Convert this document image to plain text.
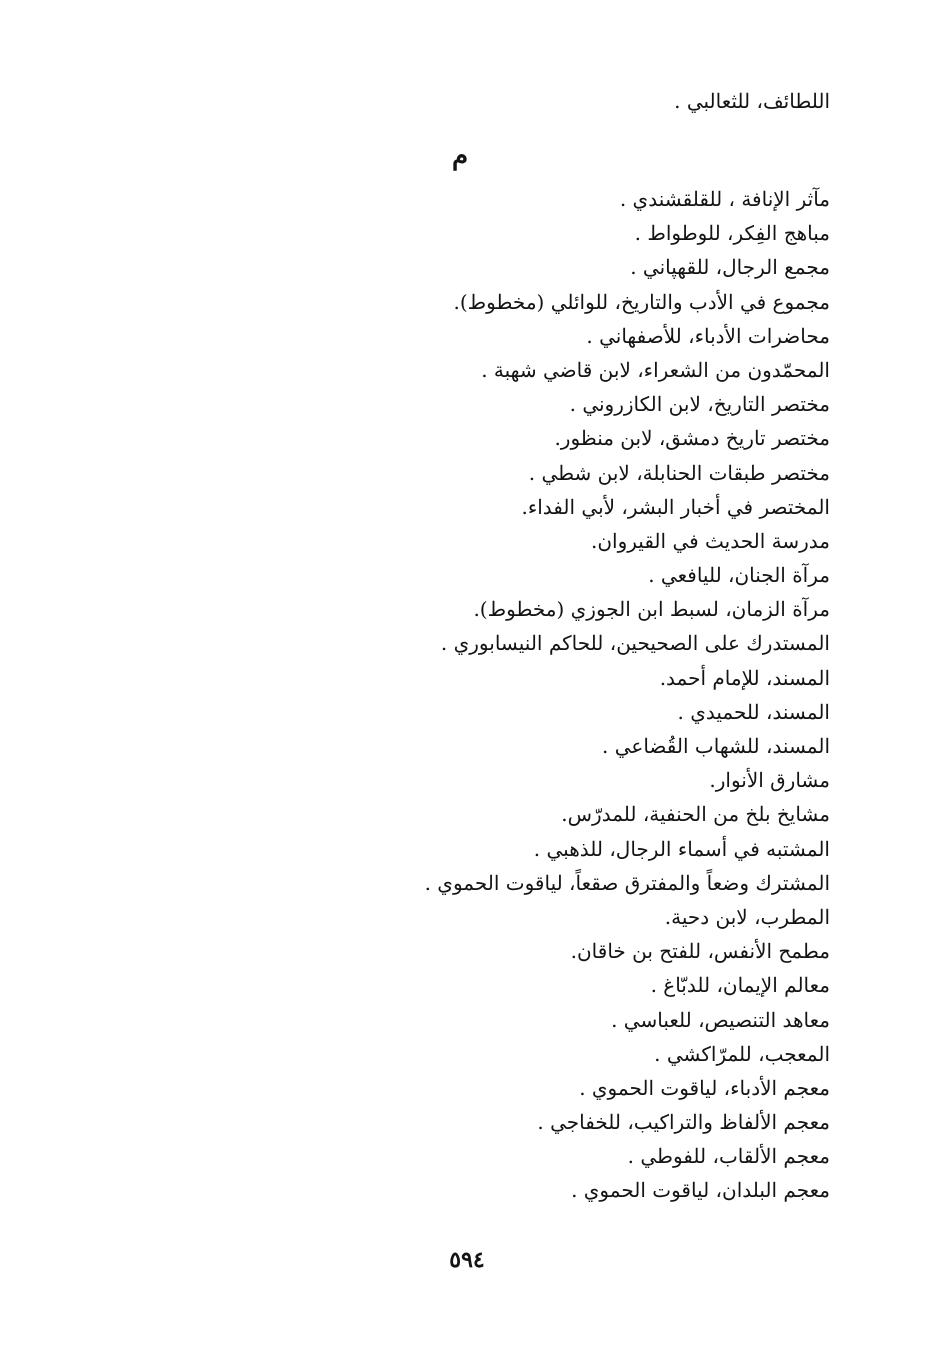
اللطائف، للثعالبي .
م
مآثر الإنافة ، للقلقشندي .
مباهج الفِكر، للوطواط .
مجمع الرجال، للقهپاني .
مجموع في الأدب والتاريخ، للوائلي (مخطوط).
محاضرات الأدباء، للأصفهاني .
المحمّدون من الشعراء، لابن قاضي شهبة .
مختصر التاريخ، لابن الكازروني .
مختصر تاريخ دمشق، لابن منظور.
مختصر طبقات الحنابلة، لابن شطي .
المختصر في أخبار البشر، لأبي الفداء.
مدرسة الحديث في القيروان.
مرآة الجنان، لليافعي .
مرآة الزمان، لسبط ابن الجوزي (مخطوط).
المستدرك على الصحيحين، للحاكم النيسابوري .
المسند، للإمام أحمد.
المسند، للحميدي .
المسند، للشهاب القُضاعي .
مشارق الأنوار.
مشايخ بلخ من الحنفية، للمدرّس.
المشتبه في أسماء الرجال، للذهبي .
المشترك وضعاً والمفترق صقعاً، لياقوت الحموي .
المطرب، لابن دحية.
مطمح الأنفس، للفتح بن خاقان.
معالم الإيمان، للدبّاغ .
معاهد التنصيص، للعباسي .
المعجب، للمرّاكشي .
معجم الأدباء، لياقوت الحموي .
معجم الألفاظ والتراكيب، للخفاجي .
معجم الألقاب، للفوطي .
معجم البلدان، لياقوت الحموي .
٥٩٤
